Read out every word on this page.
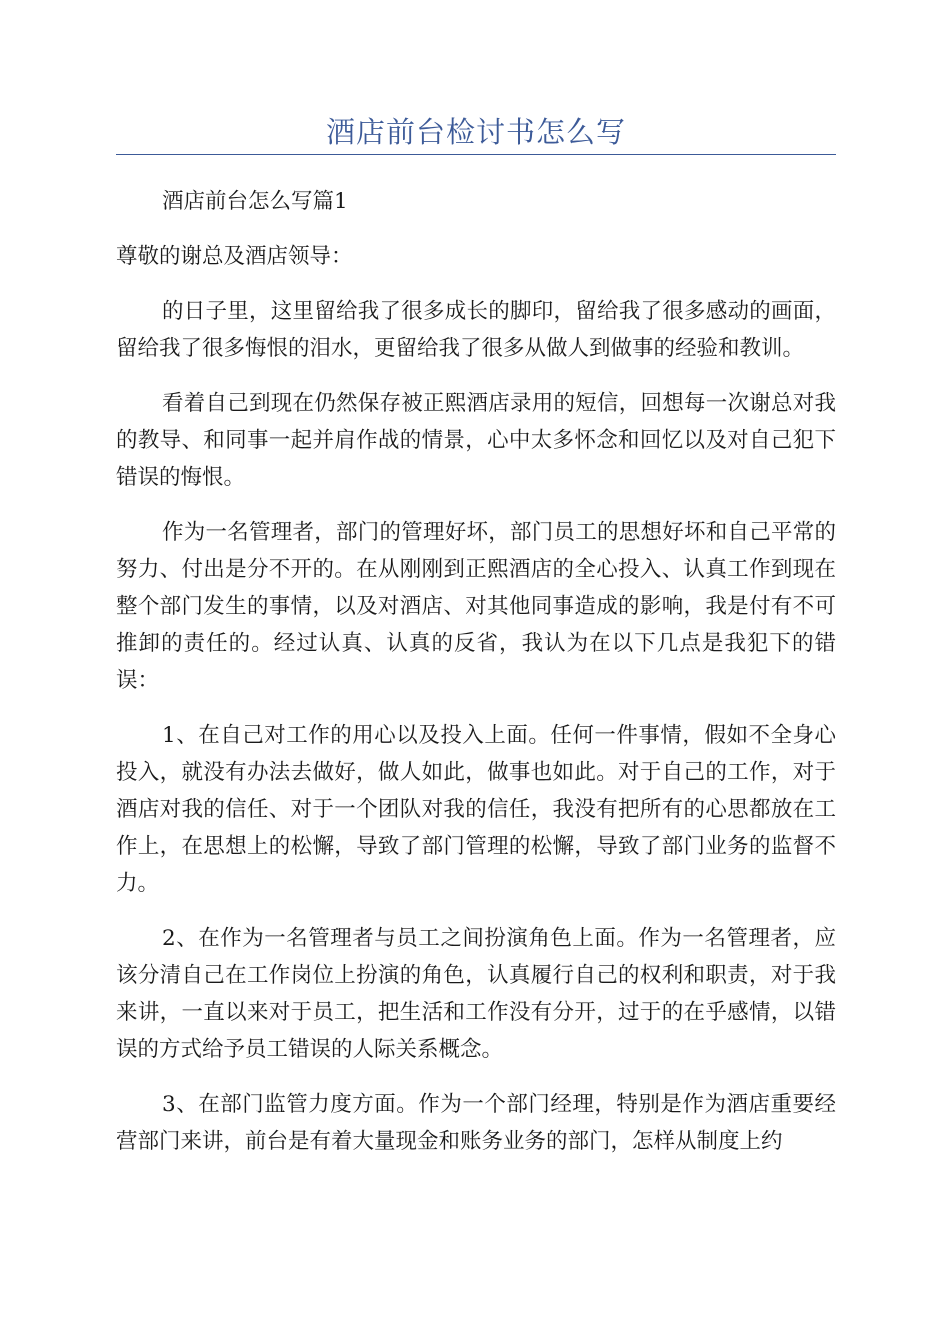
酒店前台检讨书怎么写

酒店前台怎么写篇1

尊敬的谢总及酒店领导：

的日子里，这里留给我了很多成长的脚印，留给我了很多感动的画面，留给我了很多悔恨的泪水，更留给我了很多从做人到做事的经验和教训。

看着自己到现在仍然保存被正熙酒店录用的短信，回想每一次谢总对我的教导、和同事一起并肩作战的情景，心中太多怀念和回忆以及对自己犯下错误的悔恨。

作为一名管理者，部门的管理好坏，部门员工的思想好坏和自己平常的努力、付出是分不开的。在从刚刚到正熙酒店的全心投入、认真工作到现在整个部门发生的事情，以及对酒店、对其他同事造成的影响，我是付有不可推卸的责任的。经过认真、认真的反省，我认为在以下几点是我犯下的错误：

1、在自己对工作的用心以及投入上面。任何一件事情，假如不全身心投入，就没有办法去做好，做人如此，做事也如此。对于自己的工作，对于酒店对我的信任、对于一个团队对我的信任，我没有把所有的心思都放在工作上，在思想上的松懈，导致了部门管理的松懈，导致了部门业务的监督不力。

2、在作为一名管理者与员工之间扮演角色上面。作为一名管理者，应该分清自己在工作岗位上扮演的角色，认真履行自己的权利和职责，对于我来讲，一直以来对于员工，把生活和工作没有分开，过于的在乎感情，以错误的方式给予员工错误的人际关系概念。

3、在部门监管力度方面。作为一个部门经理，特别是作为酒店重要经营部门来讲，前台是有着大量现金和账务业务的部门，怎样从制度上约
